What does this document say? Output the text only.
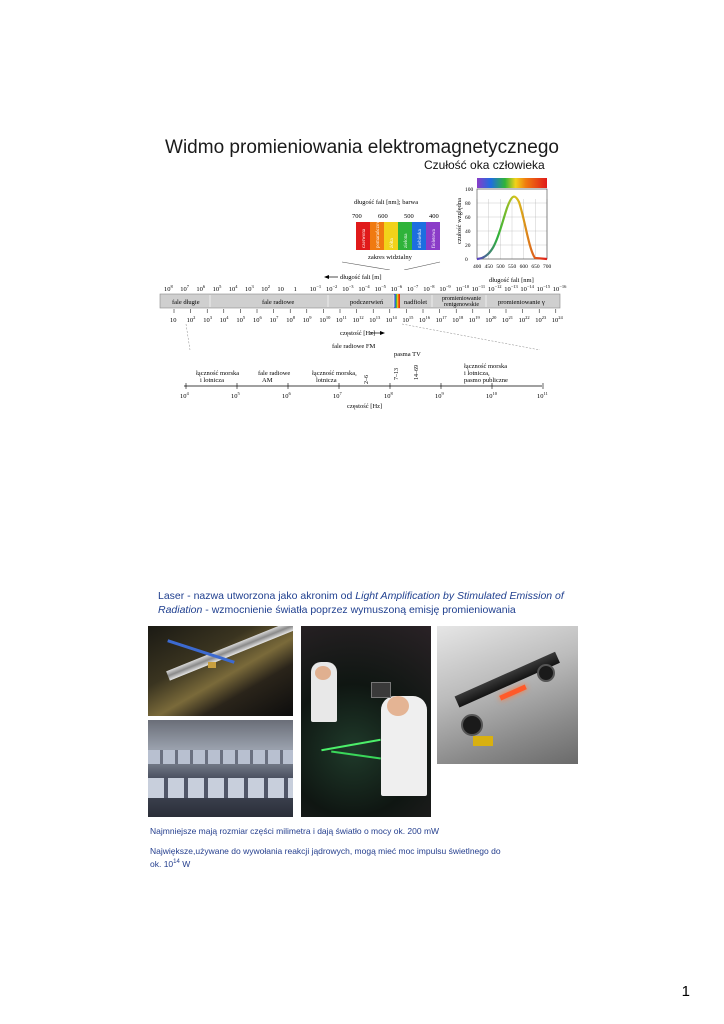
Widmo promieniowania elektromagnetycznego
Czułość oka człowieka
czułość względna
długość fali [nm]
0
20
40
60
80
100
400 450 500 550 600 650 700
długość fali [nm]; barwa
700	600	500 400
czerwona pomarańczowa żółta zielona niebieska fioletowa
zakres widzialny
długość fali [m]
$10^8$ $10^7$ $10^6$ $10^5$ $10^4$ $10^3$ $10^2$ 10 1 $10^{-1}$ $10^{-2}$ $10^{-3}$ $10^{-4}$ $10^{-5}$ $10^{-6}$ $10^{-7}$ $10^{-8}$ $10^{-9}$ $10^{-10}$ $10^{-11}$ $10^{-12}$ $10^{-13}$ $10^{-14}$ $10^{-15}$ $10^{-16}$
fale długie	fale radiowe	podczerwień	nadfiolet promieniowanie
rentgenowskie	promieniowanie γ
10 $10^2$ $10^3$ $10^4$ $10^5$ $10^6$ $10^7$ $10^8$ $10^9$ $10^{10}$ $10^{11}$ $10^{12}$ $10^{13}$ $10^{14}$ $10^{15}$ $10^{16}$ $10^{17}$ $10^{18}$ $10^{19}$ $10^{20}$ $10^{21}$ $10^{22}$ $10^{23}$ $10^{24}$
częstość [Hz]
fale radiowe FM
pasma TV
łączność morska i lotnicza
fale radiowe AM
łączność morska, lotnicza
łączność morska i lotnicza, pasmo publiczne
2–6	7–13 14–69
$10^4$	$10^5$	$10^6$	$10^7$	$10^8$	$10^9$	$10^{10}$	$10^{11}$
częstość [Hz]
Laser - nazwa utworzona jako akronim od Light Amplification by Stimulated Emission of Radiation - wzmocnienie światła poprzez wymuszoną emisję promieniowania
Najmniejsze mają rozmiar części milimetra i dają światło o mocy ok. 200 mW
Największe,używane do wywołania reakcji jądrowych, mogą mieć moc impulsu świetlnego do ok. $10^{14}$ W
1
